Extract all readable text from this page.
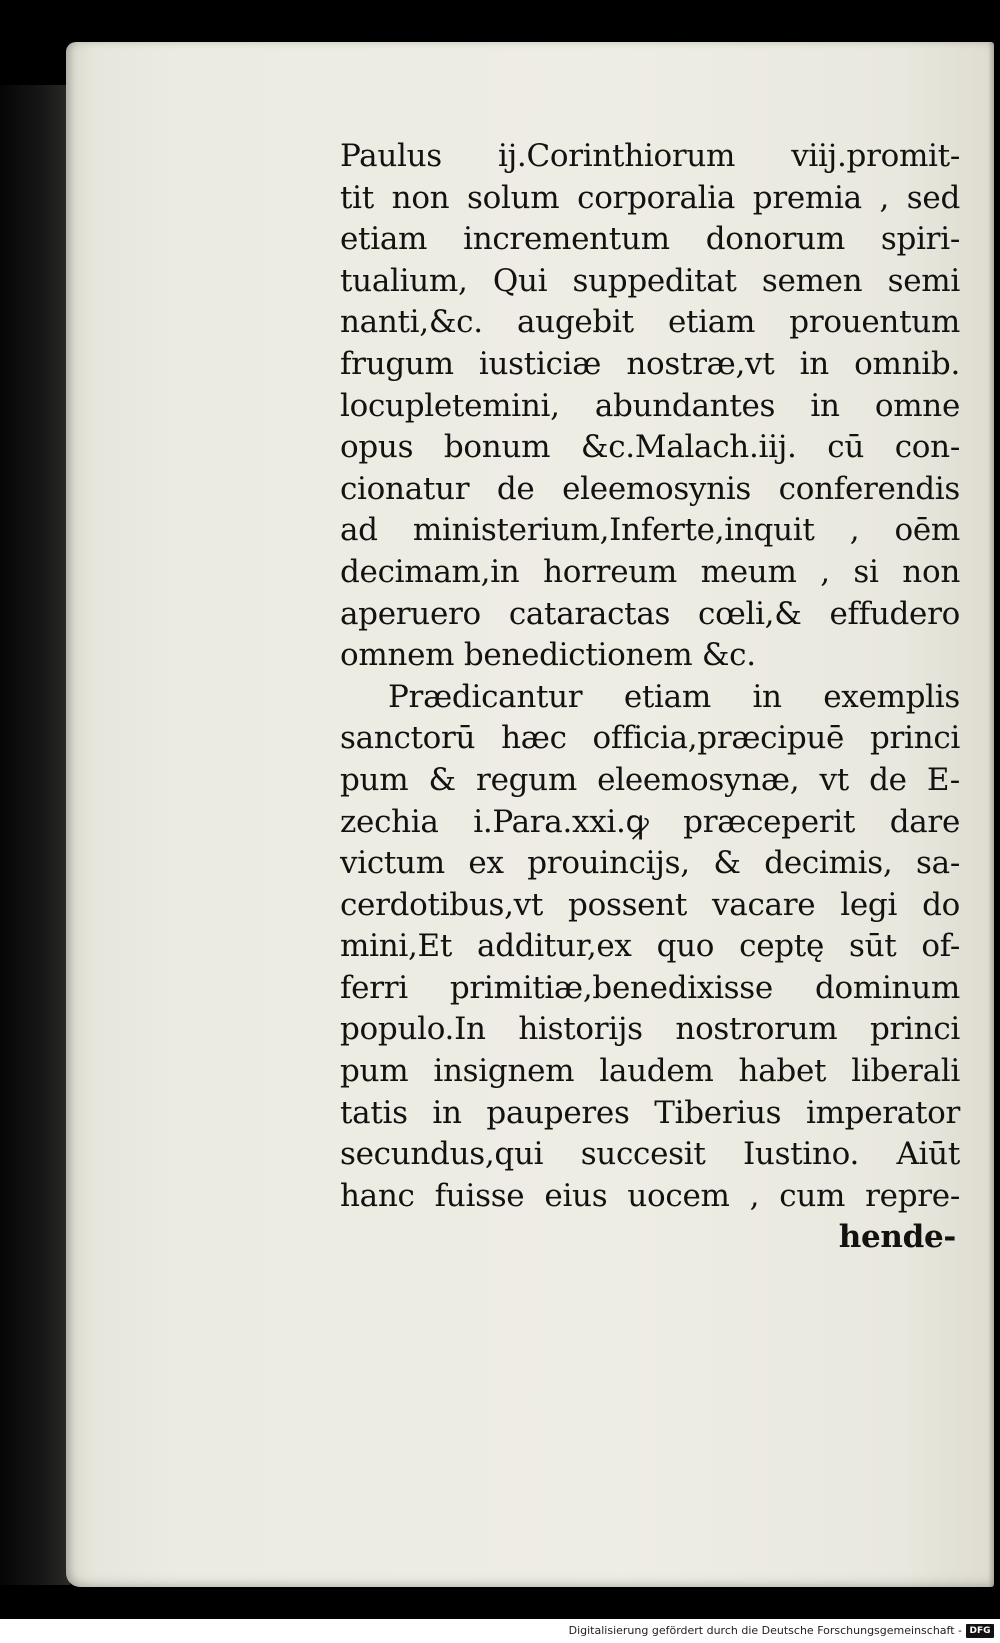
Paulus ij.Corinthiorum viij.promit-
tit non solum corporalia premia , sed
etiam incrementum donorum spiri-
tualium, Qui suppeditat semen semi
nanti,&c. augebit etiam prouentum
frugum iusticiæ nostræ,vt in omnib.
locupletemini, abundantes in omne
opus bonum &c.Malach.iij. cū con-
cionatur de eleemosynis conferendis
ad ministerium,Inferte,inquit , oēm
decimam,in horreum meum , si non
aperuero cataractas cœli,& effudero
omnem benedictionem &c.
Prædicantur etiam in exemplis
sanctorū hæc officia,præcipuē princi
pum & regum eleemosynæ, vt de E-
zechia i.Para.xxi.ꝙ præceperit dare
victum ex prouincijs, & decimis, sa-
cerdotibus,vt possent vacare legi do
mini,Et additur,ex quo ceptę sūt of-
ferri primitiæ,benedixisse dominum
populo.In historijs nostrorum princi
pum insignem laudem habet liberali
tatis in pauperes Tiberius imperator
secundus,qui succesit Iustino. Aiūt
hanc fuisse eius uocem , cum repre-
hende-
Digitalisierung gefördert durch die Deutsche Forschungsgemeinschaft - DFG
